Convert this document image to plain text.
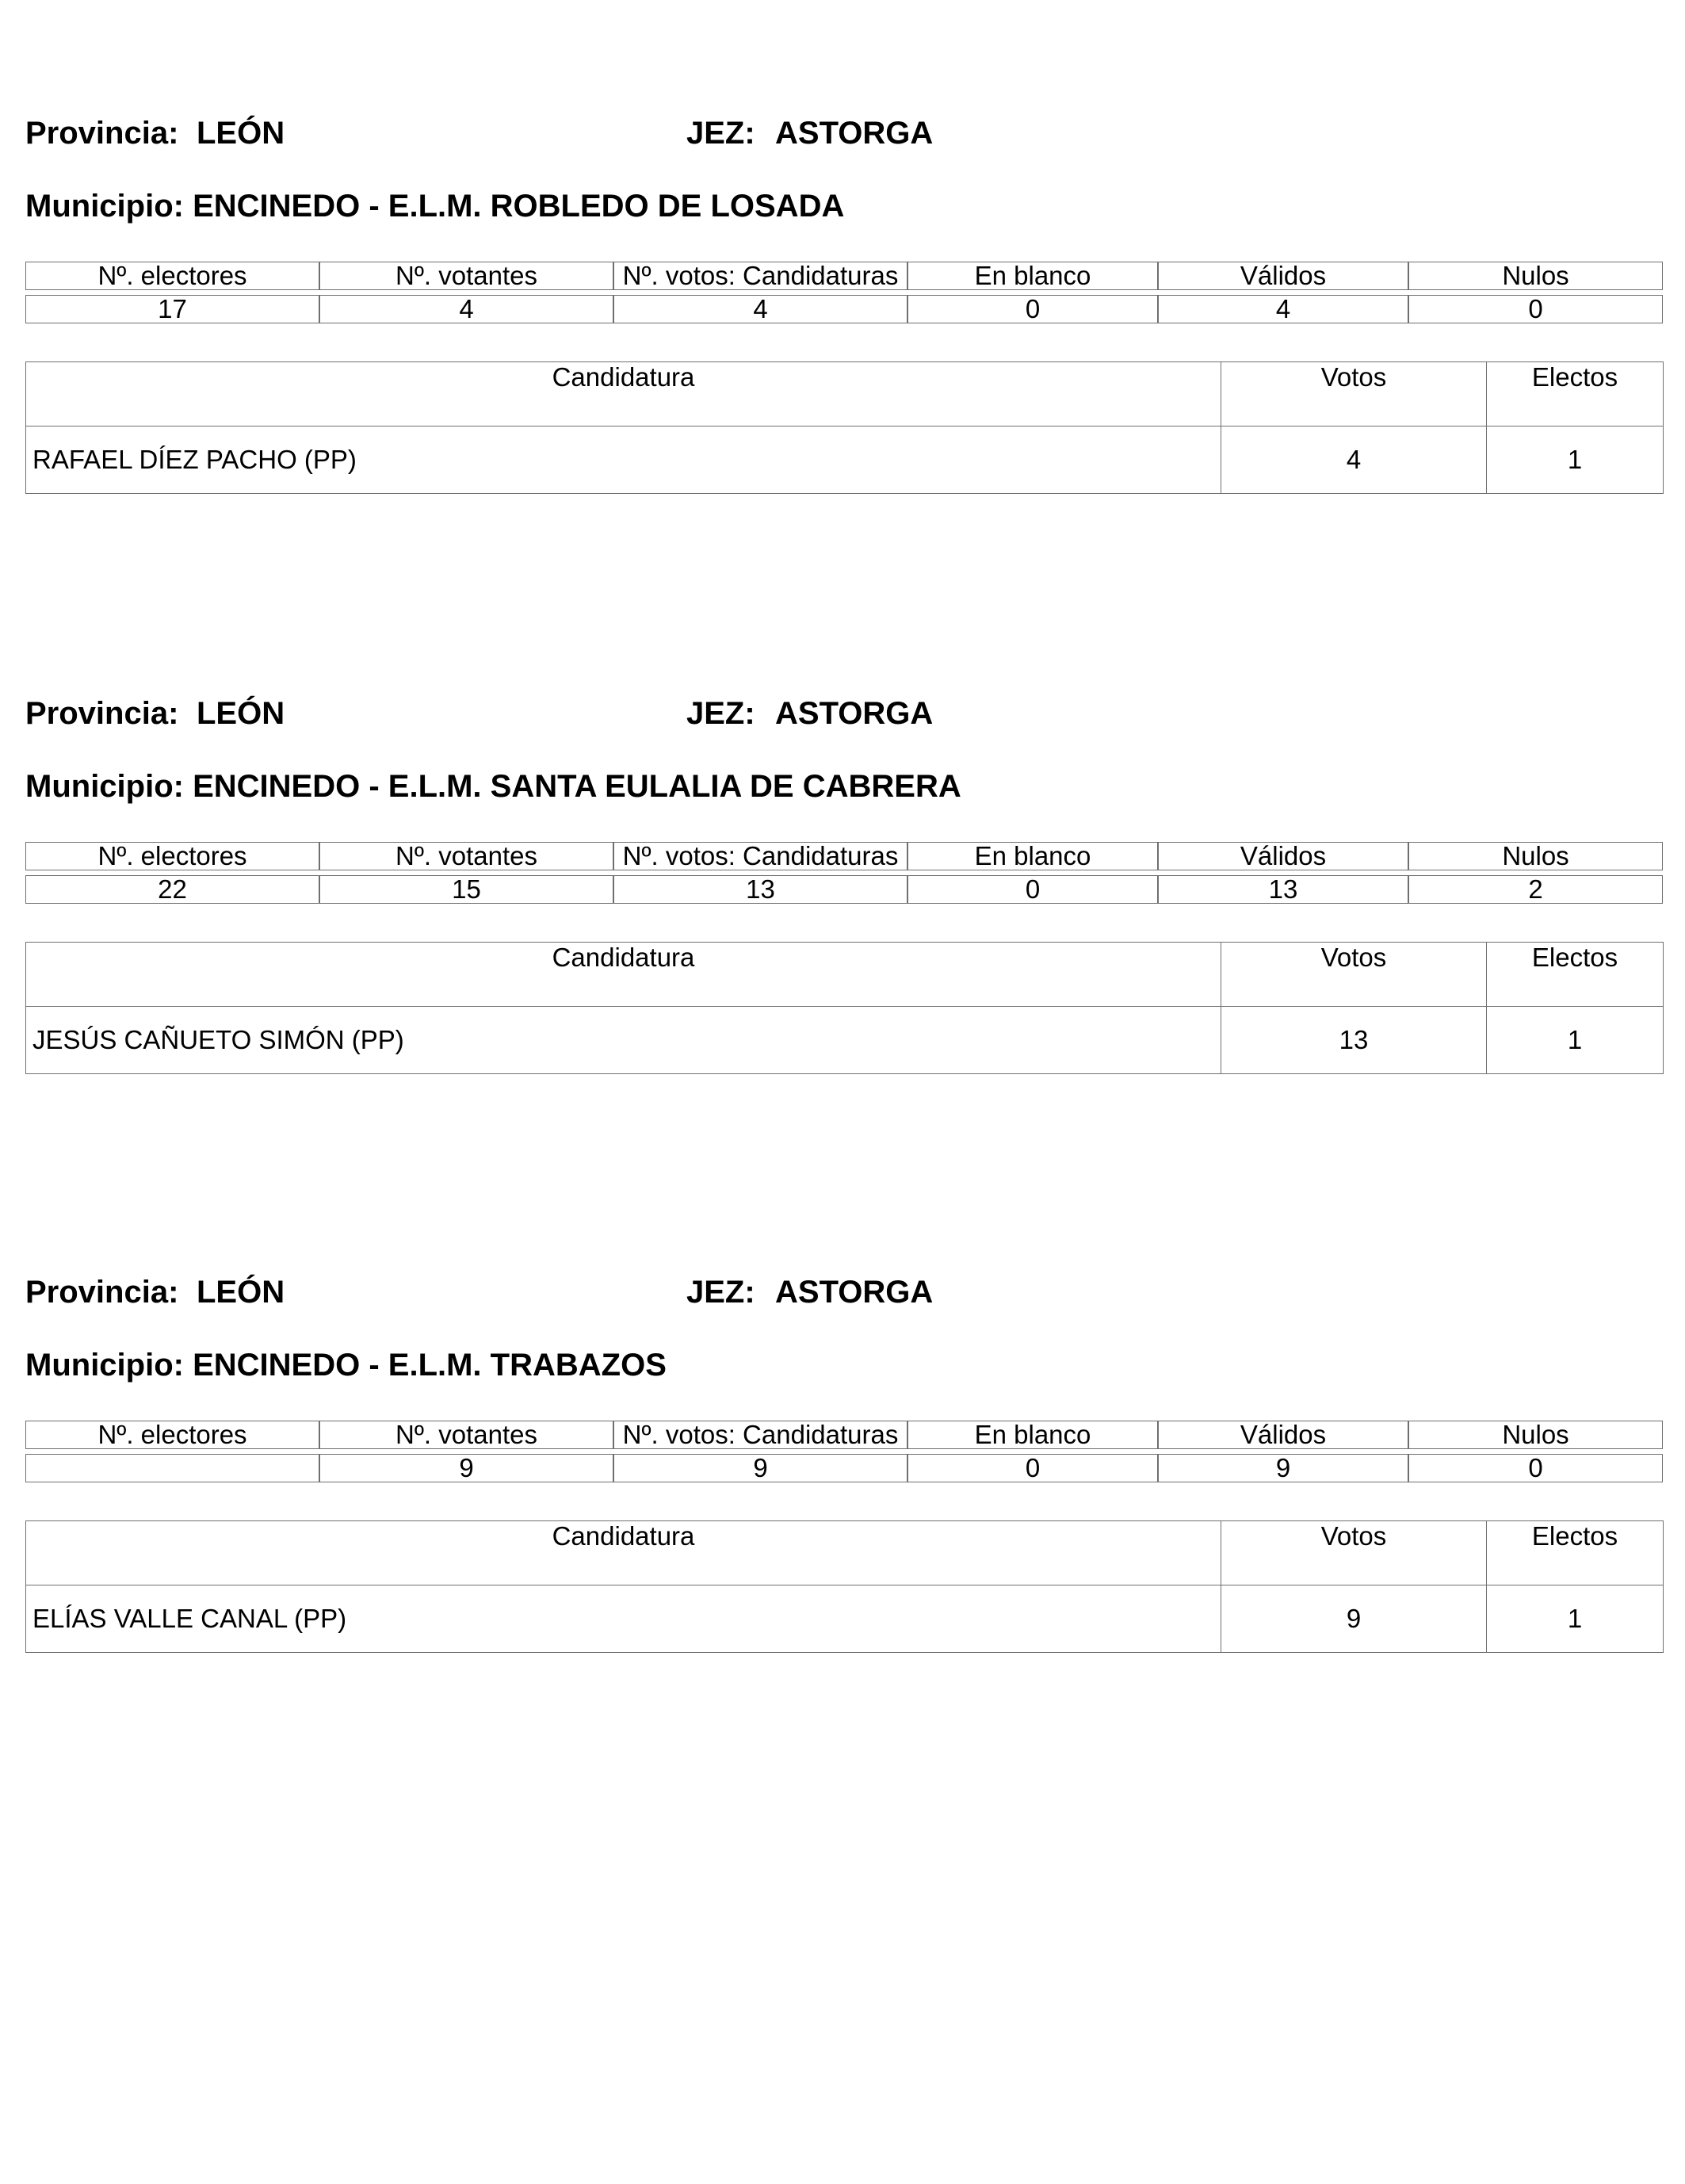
Provincia: LEÓN	JEZ: ASTORGA
Municipio: ENCINEDO - E.L.M. ROBLEDO DE LOSADA
Nº. electores	Nº. votantes	Nº. votos: Candidaturas	En blanco	Válidos	Nulos

17	4	4	0	4	0
Candidatura	Votos	Electos
RAFAEL DÍEZ PACHO (PP)	4	1
Provincia: LEÓN	JEZ: ASTORGA
Municipio: ENCINEDO - E.L.M. SANTA EULALIA DE CABRERA
Nº. electores	Nº. votantes	Nº. votos: Candidaturas	En blanco	Válidos	Nulos

22	15	13	0	13	2
Candidatura	Votos	Electos
JESÚS CAÑUETO SIMÓN (PP)	13	1
Provincia: LEÓN	JEZ: ASTORGA
Municipio: ENCINEDO - E.L.M. TRABAZOS
Nº. electores	Nº. votantes	Nº. votos: Candidaturas	En blanco	Válidos	Nulos

	9	9	0	9	0
Candidatura	Votos	Electos
ELÍAS VALLE CANAL (PP)	9	1
